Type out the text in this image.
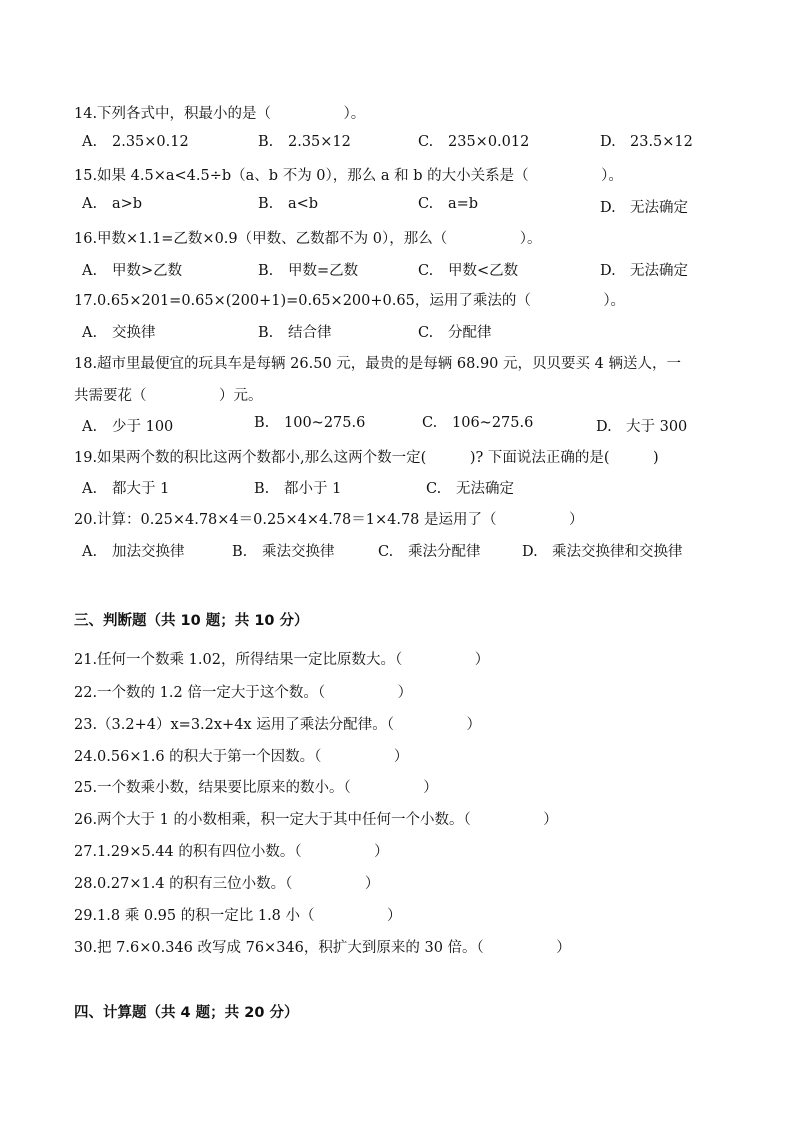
14.下列各式中，积最小的是（　　　　　）。
A. 2.35×0.12	B. 2.35×12	C. 235×0.012	D. 23.5×12
15.如果 4.5×a<4.5÷b（a、b 不为 0），那么 a 和 b 的大小关系是（　　　　　）。
A. a>b	B. a<b	C. a=b	D. 无法确定
16.甲数×1.1=乙数×0.9（甲数、乙数都不为 0），那么（　　　　　）。
A. 甲数>乙数	B. 甲数=乙数	C. 甲数<乙数	D. 无法确定
17.0.65×201=0.65×(200+1)=0.65×200+0.65，运用了乘法的（　　　　　）。
A. 交换律	B. 结合律	C. 分配律
18.超市里最便宜的玩具车是每辆 26.50 元，最贵的是每辆 68.90 元，贝贝要买 4 辆送人，一
共需要花（　　　　　）元。
A. 少于 100	B. 100~275.6	C. 106~275.6	D. 大于 300
19.如果两个数的积比这两个数都小,那么这两个数一定(　　　)? 下面说法正确的是(　　　)
A. 都大于 1	B. 都小于 1	C. 无法确定
20.计算：0.25×4.78×4＝0.25×4×4.78＝1×4.78 是运用了（　　　　　）
A. 加法交换律	B. 乘法交换律	C. 乘法分配律	D. 乘法交换律和交换律
三、判断题（共 10 题；共 10 分）
21.任何一个数乘 1.02，所得结果一定比原数大。（　　　　　）
22.一个数的 1.2 倍一定大于这个数。（　　　　　）
23.（3.2+4）x=3.2x+4x 运用了乘法分配律。（　　　　　）
24.0.56×1.6 的积大于第一个因数。（　　　　　）
25.一个数乘小数，结果要比原来的数小。（　　　　　）
26.两个大于 1 的小数相乘，积一定大于其中任何一个小数。（　　　　　）
27.1.29×5.44 的积有四位小数。（　　　　　）
28.0.27×1.4 的积有三位小数。（　　　　　）
29.1.8 乘 0.95 的积一定比 1.8 小（　　　　　）
30.把 7.6×0.346 改写成 76×346，积扩大到原来的 30 倍。（　　　　　）
四、计算题（共 4 题；共 20 分）
